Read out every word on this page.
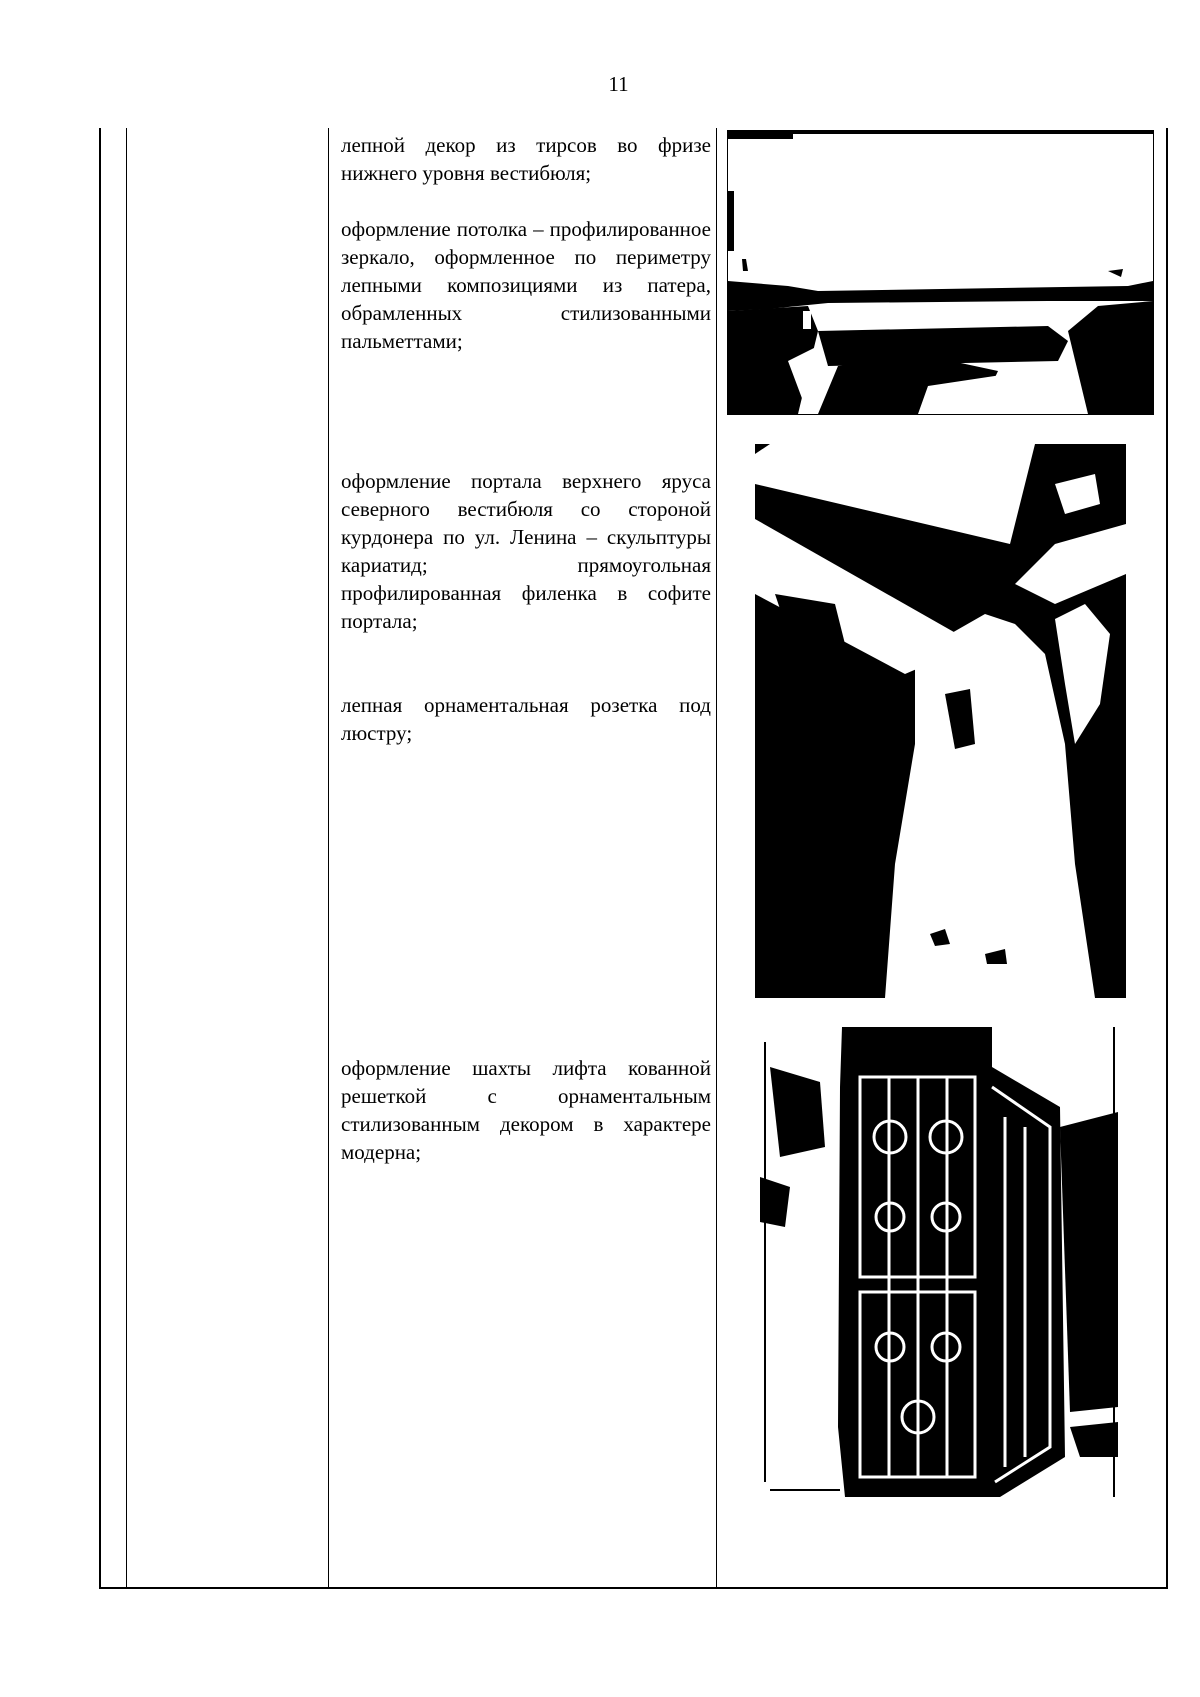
11
лепной декор из тирсов во фризе нижнего уровня вестибюля;
оформление потолка – профилированное зеркало, оформленное по периметру лепными композициями из патера, обрамленных стилизованными пальметтами;
оформление портала верхнего яруса северного вестибюля со стороной курдонера по ул. Ленина – скульптуры кариатид; прямоугольная профилированная филенка в софите портала;
лепная орнаментальная розетка под люстру;
оформление шахты лифта кованной решеткой с орнаментальным стилизованным декором в характере модерна;
